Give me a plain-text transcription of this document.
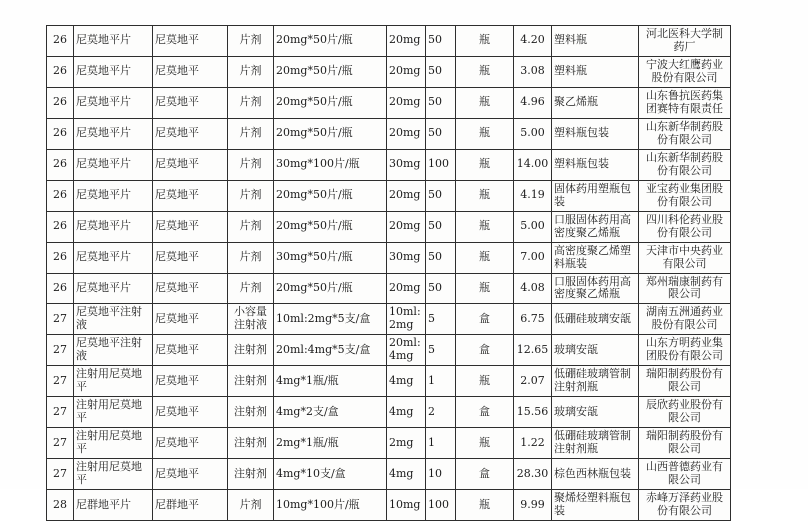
26	尼莫地平片	尼莫地平	片剂	20mg*50片/瓶	20mg	50	瓶	4.20	塑料瓶	河北医科大学制药厂
26	尼莫地平片	尼莫地平	片剂	20mg*50片/瓶	20mg	50	瓶	3.08	塑料瓶	宁波大红鹰药业股份有限公司
26	尼莫地平片	尼莫地平	片剂	20mg*50片/瓶	20mg	50	瓶	4.96	聚乙烯瓶	山东鲁抗医药集团赛特有限责任
26	尼莫地平片	尼莫地平	片剂	20mg*50片/瓶	20mg	50	瓶	5.00	塑料瓶包装	山东新华制药股份有限公司
26	尼莫地平片	尼莫地平	片剂	30mg*100片/瓶	30mg	100	瓶	14.00	塑料瓶包装	山东新华制药股份有限公司
26	尼莫地平片	尼莫地平	片剂	20mg*50片/瓶	20mg	50	瓶	4.19	固体药用塑瓶包装	亚宝药业集团股份有限公司
26	尼莫地平片	尼莫地平	片剂	20mg*50片/瓶	20mg	50	瓶	5.00	口服固体药用高密度聚乙烯瓶	四川科伦药业股份有限公司
26	尼莫地平片	尼莫地平	片剂	30mg*50片/瓶	30mg	50	瓶	7.00	高密度聚乙烯塑料瓶装	天津市中央药业有限公司
26	尼莫地平片	尼莫地平	片剂	20mg*50片/瓶	20mg	50	瓶	4.08	口服固体药用高密度聚乙烯瓶	郑州瑞康制药有限公司
27	尼莫地平注射液	尼莫地平	小容量注射液	10ml:2mg*5支/盒	10ml:2mg	5	盒	6.75	低硼硅玻璃安瓿	湖南五洲通药业股份有限公司
27	尼莫地平注射液	尼莫地平	注射剂	20ml:4mg*5支/盒	20ml:4mg	5	盒	12.65	玻璃安瓿	山东方明药业集团股份有限公司
27	注射用尼莫地平	尼莫地平	注射剂	4mg*1瓶/瓶	4mg	1	瓶	2.07	低硼硅玻璃管制注射剂瓶	瑞阳制药股份有限公司
27	注射用尼莫地平	尼莫地平	注射剂	4mg*2支/盒	4mg	2	盒	15.56	玻璃安瓿	辰欣药业股份有限公司
27	注射用尼莫地平	尼莫地平	注射剂	2mg*1瓶/瓶	2mg	1	瓶	1.22	低硼硅玻璃管制注射剂瓶	瑞阳制药股份有限公司
27	注射用尼莫地平	尼莫地平	注射剂	4mg*10支/盒	4mg	10	盒	28.30	棕色西林瓶包装	山西普德药业有限公司
28	尼群地平片	尼群地平	片剂	10mg*100片/瓶	10mg	100	瓶	9.99	聚烯烃塑料瓶包装	赤峰万泽药业股份有限公司
